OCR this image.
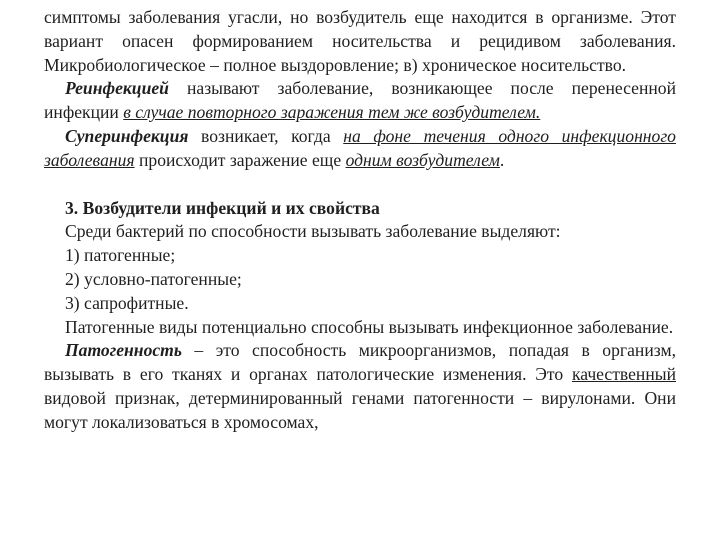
симптомы заболевания угасли, но возбудитель еще находится в организме. Этот вариант опасен формированием носительства и рецидивом заболевания. Микробиологическое – полное выздоровление; в) хроническое носительство.

Реинфекцией называют заболевание, возникающее после перенесенной инфекции в случае повторного заражения тем же возбудителем.

Суперинфекция возникает, когда на фоне течения одного инфекционного заболевания происходит заражение еще одним возбудителем.

3. Возбудители инфекций и их свойства

Среди бактерий по способности вызывать заболевание выделяют:

1) патогенные;

2) условно-патогенные;

3) сапрофитные.

Патогенные виды потенциально способны вызывать инфекционное заболевание.

Патогенность – это способность микроорганизмов, попадая в организм, вызывать в его тканях и органах патологические изменения. Это качественный видовой признак, детерминированный генами патогенности – вирулонами. Они могут локализоваться в хромосомах,
